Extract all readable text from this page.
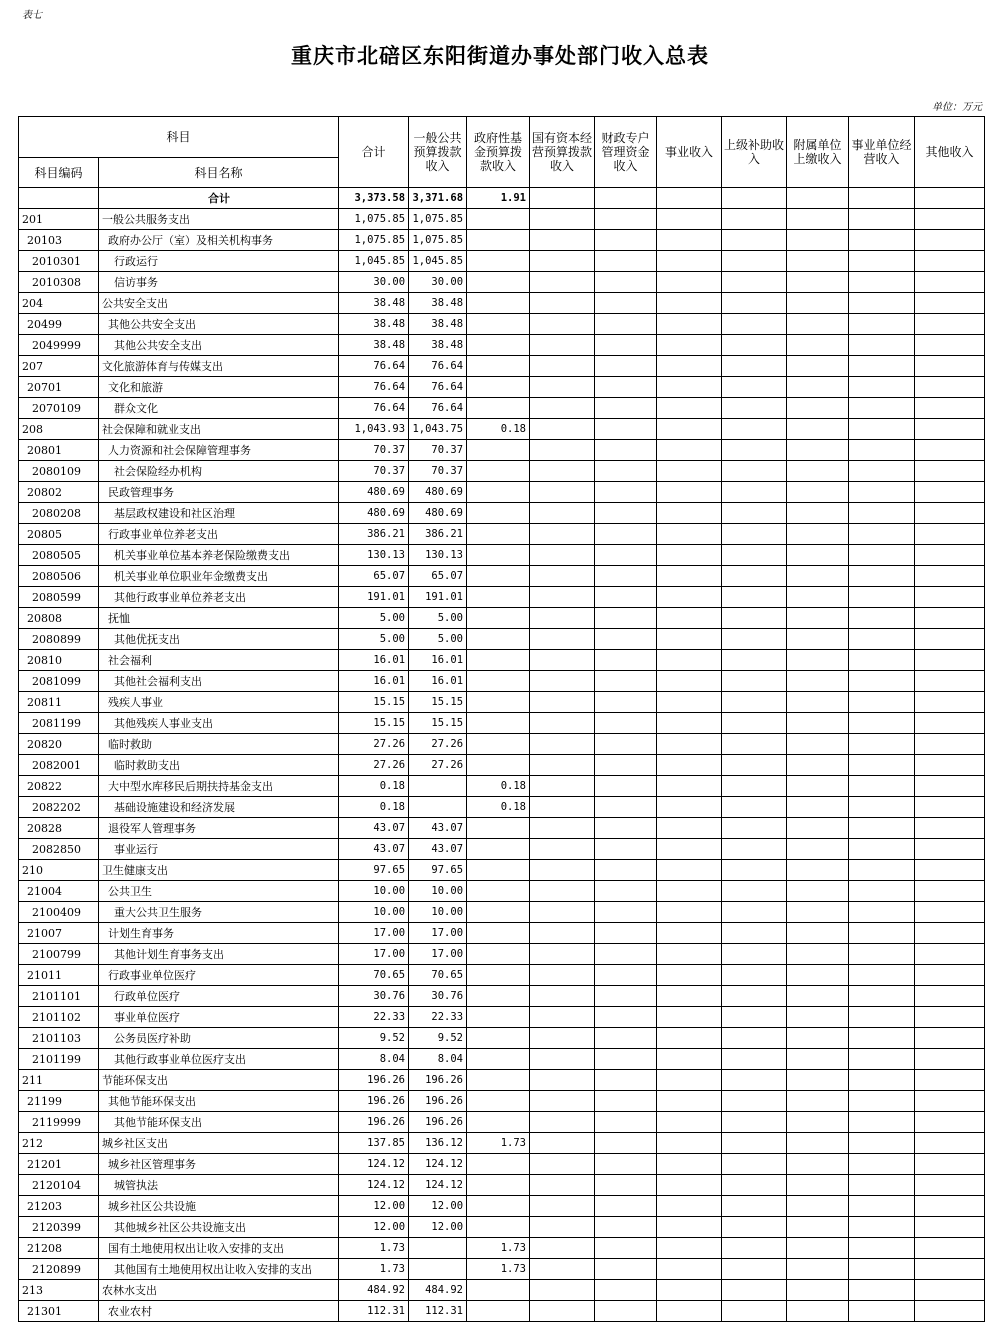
表七
重庆市北碚区东阳街道办事处部门收入总表
单位：万元
科目		合计	一般公共预算拨款收入	政府性基金预算拨款收入	国有资本经营预算拨款收入	财政专户管理资金收入	事业收入	上级补助收入	附属单位上缴收入	事业单位经营收入	其他收入
科目编码	科目名称										
	合计	3,373.58	3,371.68	1.91							
201	一般公共服务支出	1,075.85	1,075.85								
20103	政府办公厅（室）及相关机构事务	1,075.85	1,075.85								
2010301	行政运行	1,045.85	1,045.85								
2010308	信访事务	30.00	30.00								
204	公共安全支出	38.48	38.48								
20499	其他公共安全支出	38.48	38.48								
2049999	其他公共安全支出	38.48	38.48								
207	文化旅游体育与传媒支出	76.64	76.64								
20701	文化和旅游	76.64	76.64								
2070109	群众文化	76.64	76.64								
208	社会保障和就业支出	1,043.93	1,043.75	0.18							
20801	人力资源和社会保障管理事务	70.37	70.37								
2080109	社会保险经办机构	70.37	70.37								
20802	民政管理事务	480.69	480.69								
2080208	基层政权建设和社区治理	480.69	480.69								
20805	行政事业单位养老支出	386.21	386.21								
2080505	机关事业单位基本养老保险缴费支出	130.13	130.13								
2080506	机关事业单位职业年金缴费支出	65.07	65.07								
2080599	其他行政事业单位养老支出	191.01	191.01								
20808	抚恤	5.00	5.00								
2080899	其他优抚支出	5.00	5.00								
20810	社会福利	16.01	16.01								
2081099	其他社会福利支出	16.01	16.01								
20811	残疾人事业	15.15	15.15								
2081199	其他残疾人事业支出	15.15	15.15								
20820	临时救助	27.26	27.26								
2082001	临时救助支出	27.26	27.26								
20822	大中型水库移民后期扶持基金支出	0.18		0.18							
2082202	基础设施建设和经济发展	0.18		0.18							
20828	退役军人管理事务	43.07	43.07								
2082850	事业运行	43.07	43.07								
210	卫生健康支出	97.65	97.65								
21004	公共卫生	10.00	10.00								
2100409	重大公共卫生服务	10.00	10.00								
21007	计划生育事务	17.00	17.00								
2100799	其他计划生育事务支出	17.00	17.00								
21011	行政事业单位医疗	70.65	70.65								
2101101	行政单位医疗	30.76	30.76								
2101102	事业单位医疗	22.33	22.33								
2101103	公务员医疗补助	9.52	9.52								
2101199	其他行政事业单位医疗支出	8.04	8.04								
211	节能环保支出	196.26	196.26								
21199	其他节能环保支出	196.26	196.26								
2119999	其他节能环保支出	196.26	196.26								
212	城乡社区支出	137.85	136.12	1.73							
21201	城乡社区管理事务	124.12	124.12								
2120104	城管执法	124.12	124.12								
21203	城乡社区公共设施	12.00	12.00								
2120399	其他城乡社区公共设施支出	12.00	12.00								
21208	国有土地使用权出让收入安排的支出	1.73		1.73							
2120899	其他国有土地使用权出让收入安排的支出	1.73		1.73							
213	农林水支出	484.92	484.92								
21301	农业农村	112.31	112.31								
